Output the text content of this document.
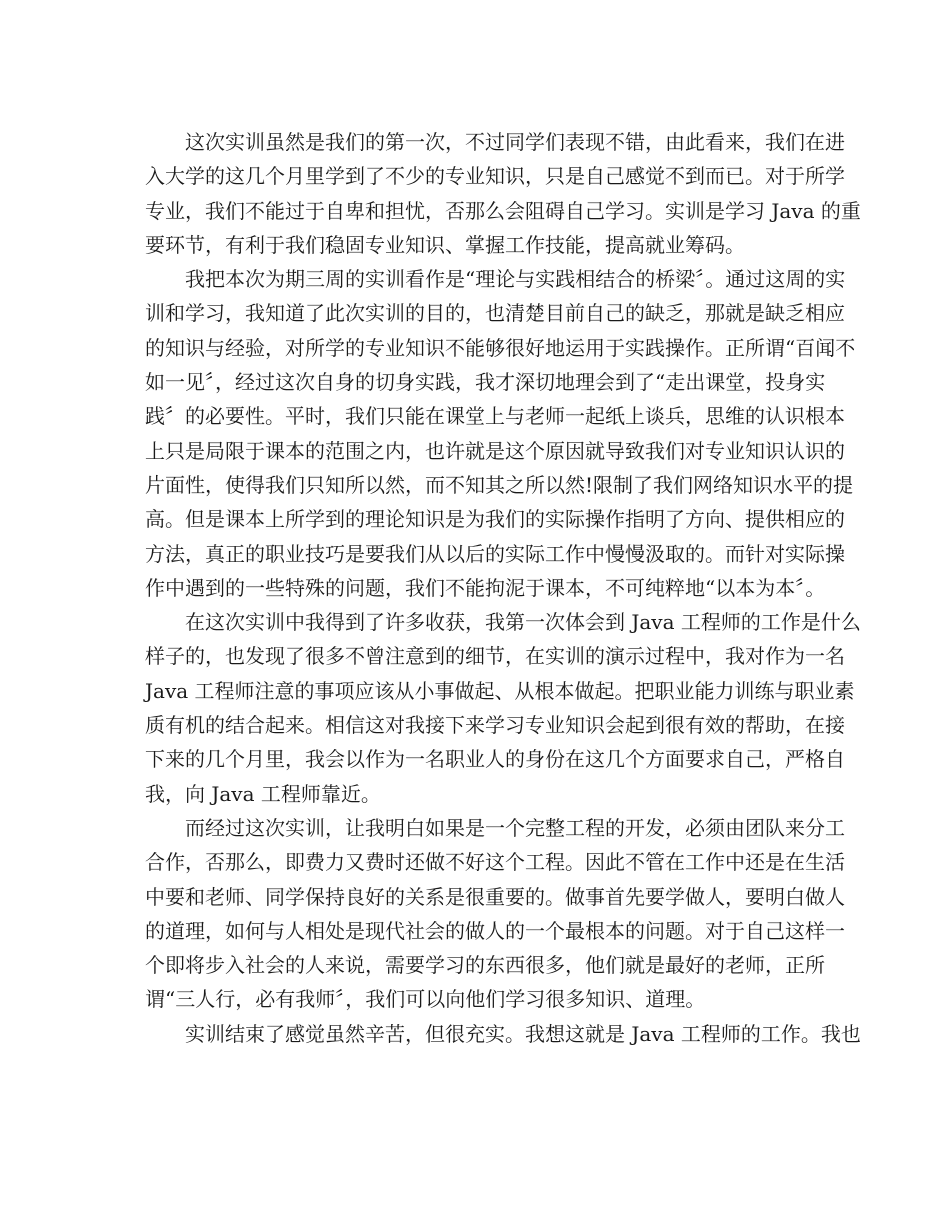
这次实训虽然是我们的第一次，不过同学们表现不错，由此看来，我们在进
入大学的这几个月里学到了不少的专业知识，只是自己感觉不到而已。对于所学
专业，我们不能过于自卑和担忧，否那么会阻碍自己学习。实训是学习 Java 的重
要环节，有利于我们稳固专业知识、掌握工作技能，提高就业筹码。

我把本次为期三周的实训看作是“理论与实践相结合的桥梁〞。通过这周的实
训和学习，我知道了此次实训的目的，也清楚目前自己的缺乏，那就是缺乏相应
的知识与经验，对所学的专业知识不能够很好地运用于实践操作。正所谓“百闻不
如一见〞，经过这次自身的切身实践，我才深切地理会到了“走出课堂，投身实
践〞的必要性。平时，我们只能在课堂上与老师一起纸上谈兵，思维的认识根本
上只是局限于课本的范围之内，也许就是这个原因就导致我们对专业知识认识的
片面性，使得我们只知所以然，而不知其之所以然!限制了我们网络知识水平的提
高。但是课本上所学到的理论知识是为我们的实际操作指明了方向、提供相应的
方法，真正的职业技巧是要我们从以后的实际工作中慢慢汲取的。而针对实际操
作中遇到的一些特殊的问题，我们不能拘泥于课本，不可纯粹地“以本为本〞。

在这次实训中我得到了许多收获，我第一次体会到 Java 工程师的工作是什么
样子的，也发现了很多不曾注意到的细节，在实训的演示过程中，我对作为一名
Java 工程师注意的事项应该从小事做起、从根本做起。把职业能力训练与职业素
质有机的结合起来。相信这对我接下来学习专业知识会起到很有效的帮助，在接
下来的几个月里，我会以作为一名职业人的身份在这几个方面要求自己，严格自
我，向 Java 工程师靠近。

而经过这次实训，让我明白如果是一个完整工程的开发，必须由团队来分工
合作，否那么，即费力又费时还做不好这个工程。因此不管在工作中还是在生活
中要和老师、同学保持良好的关系是很重要的。做事首先要学做人，要明白做人
的道理，如何与人相处是现代社会的做人的一个最根本的问题。对于自己这样一
个即将步入社会的人来说，需要学习的东西很多，他们就是最好的老师，正所
谓“三人行，必有我师〞，我们可以向他们学习很多知识、道理。

实训结束了感觉虽然辛苦，但很充实。我想这就是 Java 工程师的工作。我也
